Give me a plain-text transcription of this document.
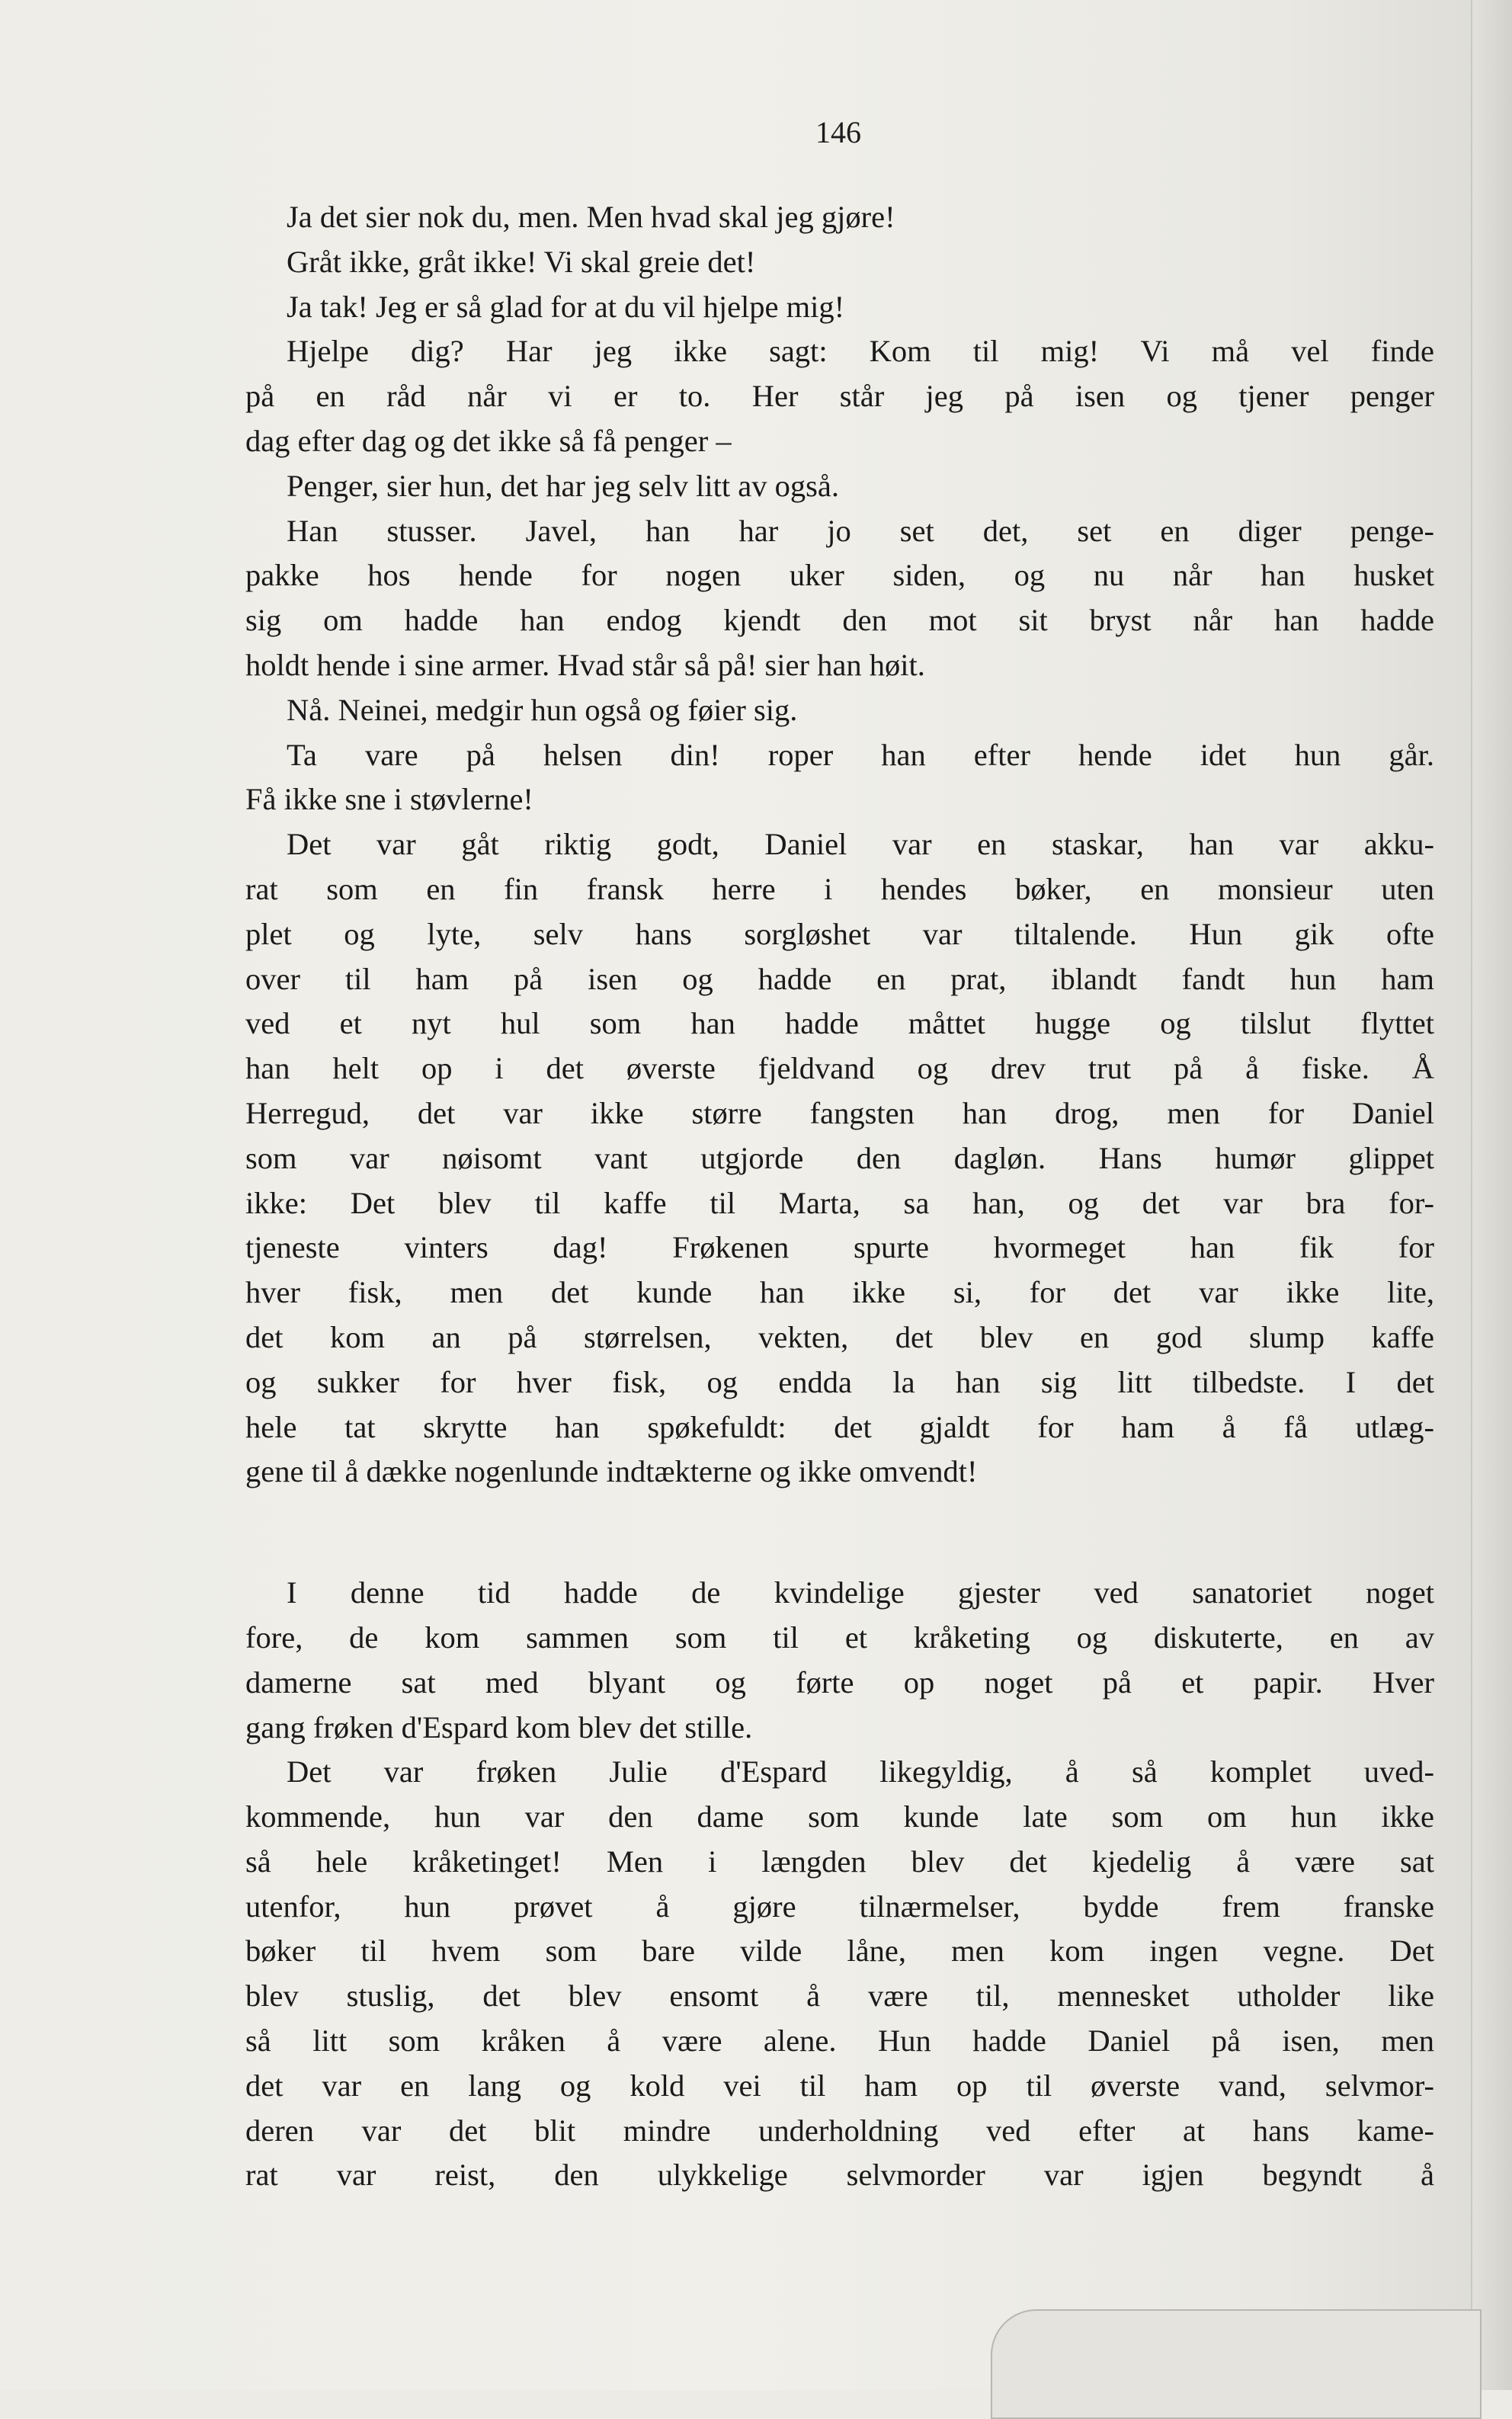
146
Ja det sier nok du, men. Men hvad skal jeg gjøre!
Gråt ikke, gråt ikke! Vi skal greie det!
Ja tak! Jeg er så glad for at du vil hjelpe mig!
Hjelpe dig? Har jeg ikke sagt: Kom til mig! Vi må vel finde
på en råd når vi er to. Her står jeg på isen og tjener penger
dag efter dag og det ikke så få penger –
Penger, sier hun, det har jeg selv litt av også.
Han stusser. Javel, han har jo set det, set en diger penge-
pakke hos hende for nogen uker siden, og nu når han husket
sig om hadde han endog kjendt den mot sit bryst når han hadde
holdt hende i sine armer. Hvad står så på! sier han høit.
Nå. Neinei, medgir hun også og føier sig.
Ta vare på helsen din! roper han efter hende idet hun går.
Få ikke sne i støvlerne!
Det var gåt riktig godt, Daniel var en staskar, han var akku-
rat som en fin fransk herre i hendes bøker, en monsieur uten
plet og lyte, selv hans sorgløshet var tiltalende. Hun gik ofte
over til ham på isen og hadde en prat, iblandt fandt hun ham
ved et nyt hul som han hadde måttet hugge og tilslut flyttet
han helt op i det øverste fjeldvand og drev trut på å fiske. Å
Herregud, det var ikke større fangsten han drog, men for Daniel
som var nøisomt vant utgjorde den dagløn. Hans humør glippet
ikke: Det blev til kaffe til Marta, sa han, og det var bra for-
tjeneste vinters dag! Frøkenen spurte hvormeget han fik for
hver fisk, men det kunde han ikke si, for det var ikke lite,
det kom an på størrelsen, vekten, det blev en god slump kaffe
og sukker for hver fisk, og endda la han sig litt tilbedste. I det
hele tat skrytte han spøkefuldt: det gjaldt for ham å få utlæg-
gene til å dække nogenlunde indtækterne og ikke omvendt!
I denne tid hadde de kvindelige gjester ved sanatoriet noget
fore, de kom sammen som til et kråketing og diskuterte, en av
damerne sat med blyant og førte op noget på et papir. Hver
gang frøken d'Espard kom blev det stille.
Det var frøken Julie d'Espard likegyldig, å så komplet uved-
kommende, hun var den dame som kunde late som om hun ikke
så hele kråketinget! Men i længden blev det kjedelig å være sat
utenfor, hun prøvet å gjøre tilnærmelser, bydde frem franske
bøker til hvem som bare vilde låne, men kom ingen vegne. Det
blev stuslig, det blev ensomt å være til, mennesket utholder like
så litt som kråken å være alene. Hun hadde Daniel på isen, men
det var en lang og kold vei til ham op til øverste vand, selvmor-
deren var det blit mindre underholdning ved efter at hans kame-
rat var reist, den ulykkelige selvmorder var igjen begyndt å
